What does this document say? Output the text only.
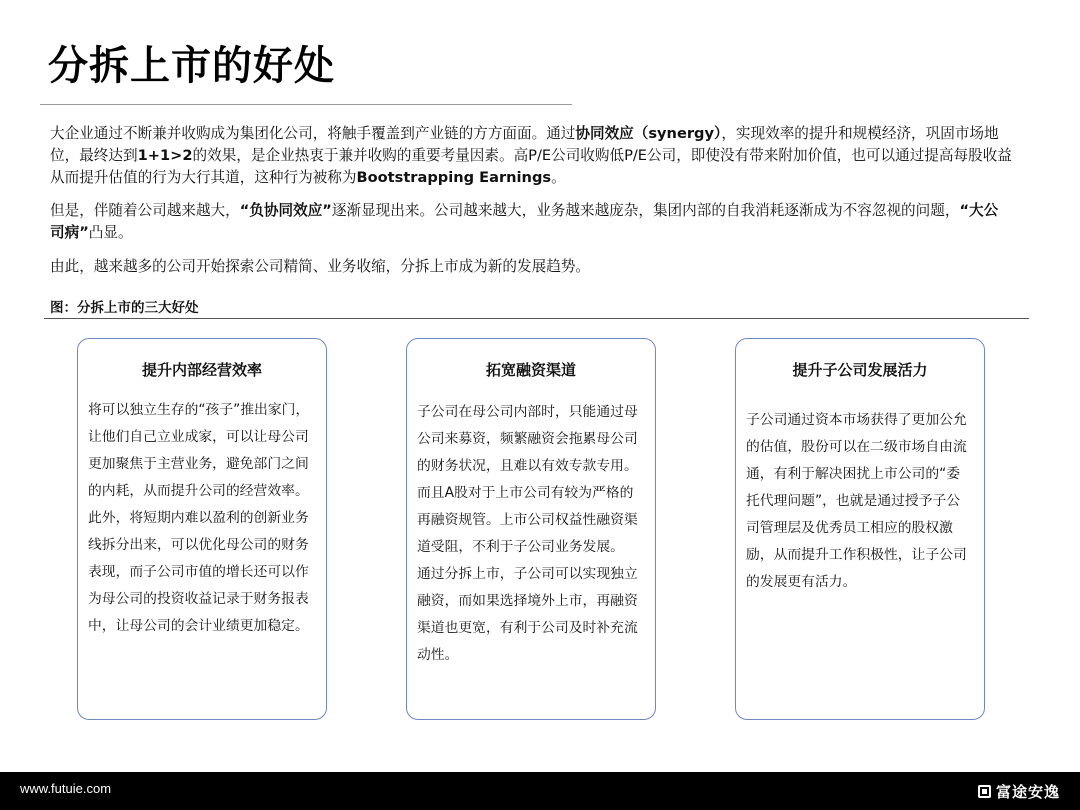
分拆上市的好处
大企业通过不断兼并收购成为集团化公司，将触手覆盖到产业链的方方面面。通过协同效应（synergy），实现效率的提升和规模经济，巩固市场地位，最终达到1+1>2的效果，是企业热衷于兼并收购的重要考量因素。高P/E公司收购低P/E公司，即使没有带来附加价值，也可以通过提高每股收益从而提升估值的行为大行其道，这种行为被称为Bootstrapping Earnings。
但是，伴随着公司越来越大，“负协同效应”逐渐显现出来。公司越来越大，业务越来越庞杂，集团内部的自我消耗逐渐成为不容忽视的问题，“大公司病”凸显。
由此，越来越多的公司开始探索公司精简、业务收缩，分拆上市成为新的发展趋势。
图：分拆上市的三大好处
提升内部经营效率

将可以独立生存的“孩子”推出家门，让他们自己立业成家，可以让母公司更加聚焦于主营业务，避免部门之间的内耗，从而提升公司的经营效率。此外，将短期内难以盈利的创新业务线拆分出来，可以优化母公司的财务表现，而子公司市值的增长还可以作为母公司的投资收益记录于财务报表中，让母公司的会计业绩更加稳定。

拓宽融资渠道

子公司在母公司内部时，只能通过母公司来募资，频繁融资会拖累母公司的财务状况，且难以有效专款专用。而且A股对于上市公司有较为严格的再融资规管。上市公司权益性融资渠道受阻，不利于子公司业务发展。

通过分拆上市，子公司可以实现独立融资，而如果选择境外上市，再融资渠道也更宽，有利于公司及时补充流动性。

提升子公司发展活力

子公司通过资本市场获得了更加公允的估值，股份可以在二级市场自由流通，有利于解决困扰上市公司的“委托代理问题”，也就是通过授予子公司管理层及优秀员工相应的股权激励，从而提升工作积极性，让子公司的发展更有活力。

www.futuie.com	富途安逸
